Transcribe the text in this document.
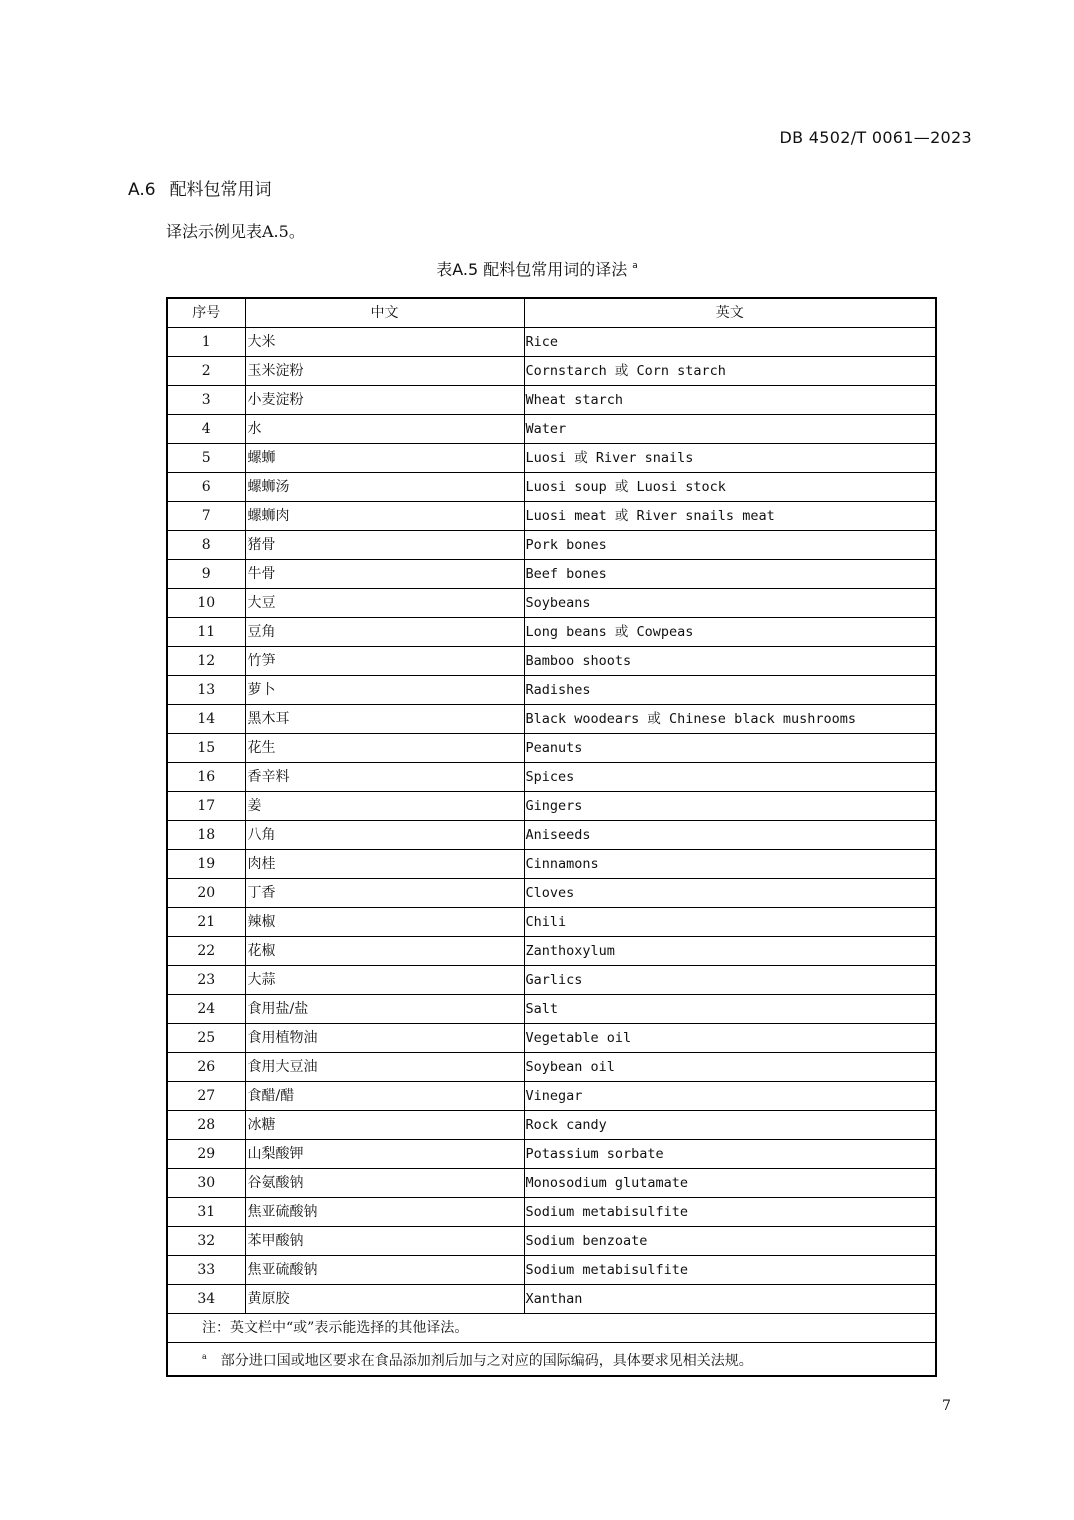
DB 4502/T 0061—2023
A.6 配料包常用词
译法示例见表A.5。
表A.5 配料包常用词的译法 $^a$
序号	中文	英文
1	大米	Rice
2	玉米淀粉	Cornstarch 或 Corn starch
3	小麦淀粉	Wheat starch
4	水	Water
5	螺蛳	Luosi 或 River snails
6	螺蛳汤	Luosi soup 或 Luosi stock
7	螺蛳肉	Luosi meat 或 River snails meat
8	猪骨	Pork bones
9	牛骨	Beef bones
10	大豆	Soybeans
11	豆角	Long beans 或 Cowpeas
12	竹笋	Bamboo shoots
13	萝卜	Radishes
14	黑木耳	Black woodears 或 Chinese black mushrooms
15	花生	Peanuts
16	香辛料	Spices
17	姜	Gingers
18	八角	Aniseeds
19	肉桂	Cinnamons
20	丁香	Cloves
21	辣椒	Chili
22	花椒	Zanthoxylum
23	大蒜	Garlics
24	食用盐/盐	Salt
25	食用植物油	Vegetable oil
26	食用大豆油	Soybean oil
27	食醋/醋	Vinegar
28	冰糖	Rock candy
29	山梨酸钾	Potassium sorbate
30	谷氨酸钠	Monosodium glutamate
31	焦亚硫酸钠	Sodium metabisulfite
32	苯甲酸钠	Sodium benzoate
33	焦亚硫酸钠	Sodium metabisulfite
34	黄原胶	Xanthan
注：英文栏中“或”表示能选择的其他译法。		
$^a$ 部分进口国或地区要求在食品添加剂后加与之对应的国际编码，具体要求见相关法规。		
7
